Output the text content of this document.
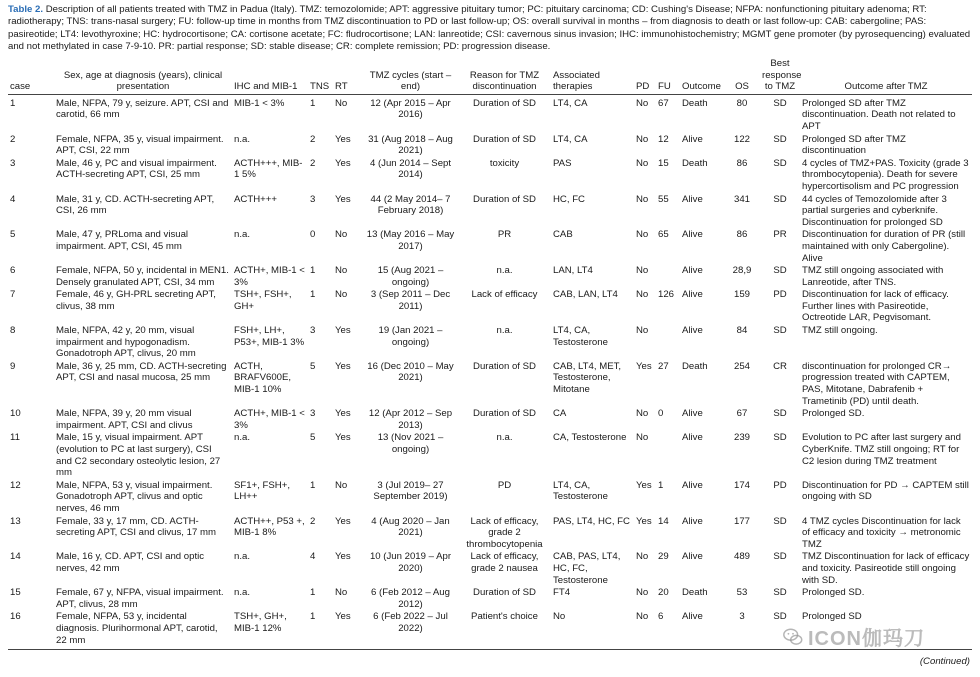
Table 2. Description of all patients treated with TMZ in Padua (Italy). TMZ: temozolomide; APT: aggressive pituitary tumor; PC: pituitary carcinoma; CD: Cushing's Disease; NFPA: nonfunctioning pituitary adenoma; RT: radiotherapy; TNS: trans-nasal surgery; FU: follow-up time in months from TMZ discontinuation to PD or last follow-up; OS: overall survival in months – from diagnosis to death or last follow-up: CAB: cabergoline; PAS: pasireotide; LT4: levothyroxine; HC: hydrocortisone; CA: cortisone acetate; FC: fludrocortisone; LAN: lanreotide; CSI: cavernous sinus invasion; IHC: immunohistochemistry; MGMT gene promoter (by pyrosequencing) evaluated and not methylated in case 7-9-10. PR: partial response; SD: stable disease; CR: complete remission; PD: progression disease.
case	Sex, age at diagnosis (years), clinical presentation	IHC and MIB-1	TNS	RT	TMZ cycles (start – end)	Reason for TMZ discontinuation	Associated therapies	PD	FU	Outcome	OS	Best response to TMZ	Outcome after TMZ
1	Male, NFPA, 79 y, seizure. APT, CSI and carotid, 66 mm	MIB-1 < 3%	1	No	12 (Apr 2015 – Apr 2016)	Duration of SD	LT4, CA	No	67	Death	80	SD	Prolonged SD after TMZ discontinuation. Death not related to APT
2	Female, NFPA, 35 y, visual impairment. APT, CSI, 22 mm	n.a.	2	Yes	31 (Aug 2018 – Aug 2021)	Duration of SD	LT4, CA	No	12	Alive	122	SD	Prolonged SD after TMZ discontinuation
3	Male, 46 y, PC and visual impairment. ACTH-secreting APT, CSI, 25 mm	ACTH+++, MIB-1 5%	2	Yes	4 (Jun 2014 – Sept 2014)	toxicity	PAS	No	15	Death	86	SD	4 cycles of TMZ+PAS. Toxicity (grade 3 thrombocytopenia). Death for severe hypercortisolism and PC progression
4	Male, 31 y, CD. ACTH-secreting APT, CSI, 26 mm	ACTH+++	3	Yes	44 (2 May 2014– 7 February 2018)	Duration of SD	HC, FC	No	55	Alive	341	SD	44 cycles of Temozolomide after 3 partial surgeries and cyberknife. Discontinuation for prolonged SD
5	Male, 47 y, PRLoma and visual impairment. APT, CSI, 45 mm	n.a.	0	No	13 (May 2016 – May 2017)	PR	CAB	No	65	Alive	86	PR	Discontinuation for duration of PR (still maintained with only Cabergoline). Alive
6	Female, NFPA, 50 y, incidental in MEN1. Densely granulated APT, CSI, 34 mm	ACTH+, MIB-1 < 3%	1	No	15 (Aug 2021 – ongoing)	n.a.	LAN, LT4	No		Alive	28,9	SD	TMZ still ongoing associated with Lanreotide, after TNS.
7	Female, 46 y, GH-PRL secreting APT, clivus, 38 mm	TSH+, FSH+, GH+	1	No	3 (Sep 2011 – Dec 2011)	Lack of efficacy	CAB, LAN, LT4	No	126	Alive	159	PD	Discontinuation for lack of efficacy. Further lines with Pasireotide, Octreotide LAR, Pegvisomant.
8	Male, NFPA, 42 y, 20 mm, visual impairment and hypogonadism. Gonadotroph APT, clivus, 20 mm	FSH+, LH+, P53+, MIB-1 3%	3	Yes	19 (Jan 2021 – ongoing)	n.a.	LT4, CA, Testosterone	No		Alive	84	SD	TMZ still ongoing.
9	Male, 36 y, 25 mm, CD. ACTH-secreting APT, CSI and nasal mucosa, 25 mm	ACTH, BRAFV600E, MIB-1 10%	5	Yes	16 (Dec 2010 – May 2021)	Duration of SD	CAB, LT4, MET, Testosterone, Mitotane	Yes	27	Death	254	CR	discontinuation for prolonged CR→ progression treated with CAPTEM, PAS, Mitotane, Dabrafenib + Trametinib (PD) until death.
10	Male, NFPA, 39 y, 20 mm visual impairment. APT, CSI and clivus	ACTH+, MIB-1 < 3%	3	Yes	12 (Apr 2012 – Sep 2013)	Duration of SD	CA	No	0	Alive	67	SD	Prolonged SD.
11	Male, 15 y, visual impairment. APT (evolution to PC at last surgery), CSI and C2 secondary osteolytic lesion, 27 mm	n.a.	5	Yes	13 (Nov 2021 – ongoing)	n.a.	CA, Testosterone	No		Alive	239	SD	Evolution to PC after last surgery and CyberKnife. TMZ still ongoing; RT for C2 lesion during TMZ treatment
12	Male, NFPA, 53 y, visual impairment. Gonadotroph APT, clivus and optic nerves, 46 mm	SF1+, FSH+, LH++	1	No	3 (Jul 2019– 27 September 2019)	PD	LT4, CA, Testosterone	Yes	1	Alive	174	PD	Discontinuation for PD → CAPTEM still ongoing with SD
13	Female, 33 y, 17 mm, CD. ACTH-secreting APT, CSI and clivus, 17 mm	ACTH++, P53 +, MIB-1 8%	2	Yes	4 (Aug 2020 – Jan 2021)	Lack of efficacy, grade 2 thrombocytopenia	PAS, LT4, HC, FC	Yes	14	Alive	177	SD	4 TMZ cycles Discontinuation for lack of efficacy and toxicity → metronomic TMZ
14	Male, 16 y, CD. APT, CSI and optic nerves, 42 mm	n.a.	4	Yes	10 (Jun 2019 – Apr 2020)	Lack of efficacy, grade 2 nausea	CAB, PAS, LT4, HC, FC, Testosterone	No	29	Alive	489	SD	TMZ Discontinuation for lack of efficacy and toxicity. Pasireotide still ongoing with SD.
15	Female, 67 y, NFPA, visual impairment. APT, clivus, 28 mm	n.a.	1	No	6 (Feb 2012 – Aug 2012)	Duration of SD	FT4	No	20	Death	53	SD	Prolonged SD.
16	Female, NFPA, 53 y, incidental diagnosis. Plurihormonal APT, carotid, 22 mm	TSH+, GH+, MIB-1 12%	1	Yes	6 (Feb 2022 – Jul 2022)	Patient's choice	No	No	6	Alive	3	SD	Prolonged SD
(Continued)
ICON伽玛刀
